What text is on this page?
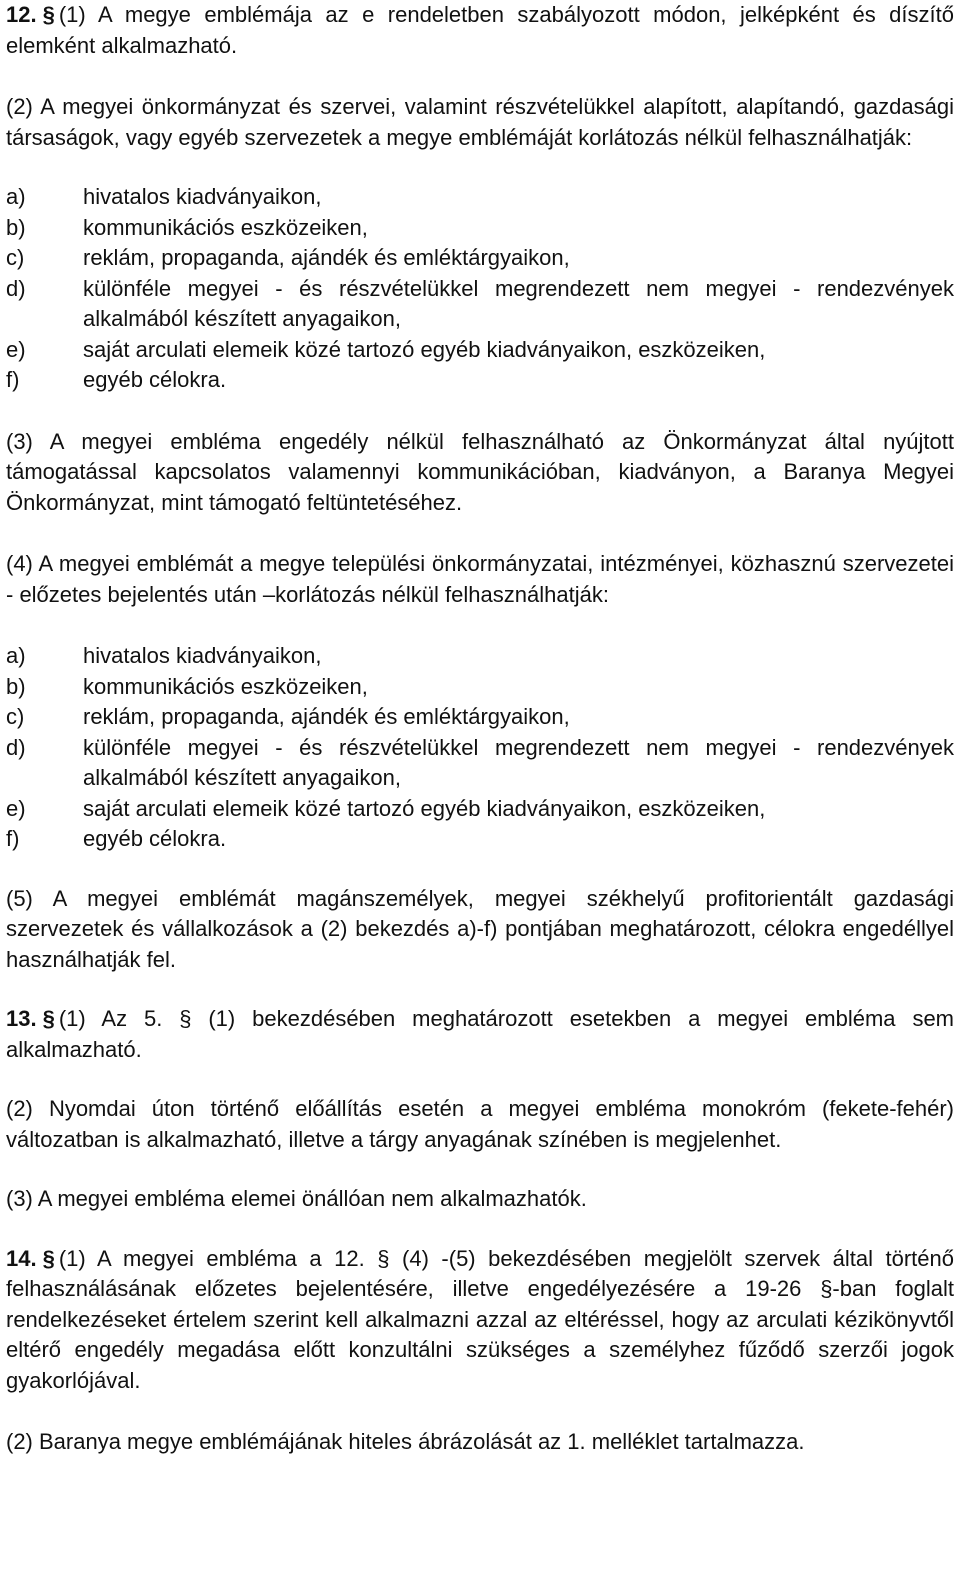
12. § (1) A megye emblémája az e rendeletben szabályozott módon, jelképként és díszítő elemként alkalmazható.

(2) A megyei önkormányzat és szervei, valamint részvételükkel alapított, alapítandó, gazdasági társaságok, vagy egyéb szervezetek a megye emblémáját korlátozás nélkül felhasználhatják:

a)	hivatalos kiadványaikon,
b)	kommunikációs eszközeiken,
c)	reklám, propaganda, ajándék és emléktárgyaikon,
d)	különféle megyei - és részvételükkel megrendezett nem megyei - rendezvények alkalmából készített anyagaikon,
e)	saját arculati elemeik közé tartozó egyéb kiadványaikon, eszközeiken,
f)	egyéb célokra.

(3) A megyei embléma engedély nélkül felhasználható az Önkormányzat által nyújtott támogatással kapcsolatos valamennyi kommunikációban, kiadványon, a Baranya Megyei Önkormányzat, mint támogató feltüntetéséhez.

(4) A megyei emblémát a megye települési önkormányzatai, intézményei, közhasznú szervezetei - előzetes bejelentés után –korlátozás nélkül felhasználhatják:

a)	hivatalos kiadványaikon,
b)	kommunikációs eszközeiken,
c)	reklám, propaganda, ajándék és emléktárgyaikon,
d)	különféle megyei - és részvételükkel megrendezett nem megyei - rendezvények alkalmából készített anyagaikon,
e)	saját arculati elemeik közé tartozó egyéb kiadványaikon, eszközeiken,
f)	egyéb célokra.

(5) A megyei emblémát magánszemélyek, megyei székhelyű profitorientált gazdasági szervezetek és vállalkozások a (2) bekezdés a)-f) pontjában meghatározott, célokra engedéllyel használhatják fel.

13. § (1) Az 5. § (1) bekezdésében meghatározott esetekben a megyei embléma sem alkalmazható.

(2) Nyomdai úton történő előállítás esetén a megyei embléma monokróm (fekete-fehér) változatban is alkalmazható, illetve a tárgy anyagának színében is megjelenhet.

(3) A megyei embléma elemei önállóan nem alkalmazhatók.

14. § (1) A megyei embléma a 12. § (4) -(5) bekezdésében megjelölt szervek által történő felhasználásának előzetes bejelentésére, illetve engedélyezésére a 19-26 §-ban foglalt rendelkezéseket értelem szerint kell alkalmazni azzal az eltéréssel, hogy az arculati kézikönyvtől eltérő engedély megadása előtt konzultálni szükséges a személyhez fűződő szerzői jogok gyakorlójával.

(2) Baranya megye emblémájának hiteles ábrázolását az 1. melléklet tartalmazza.
